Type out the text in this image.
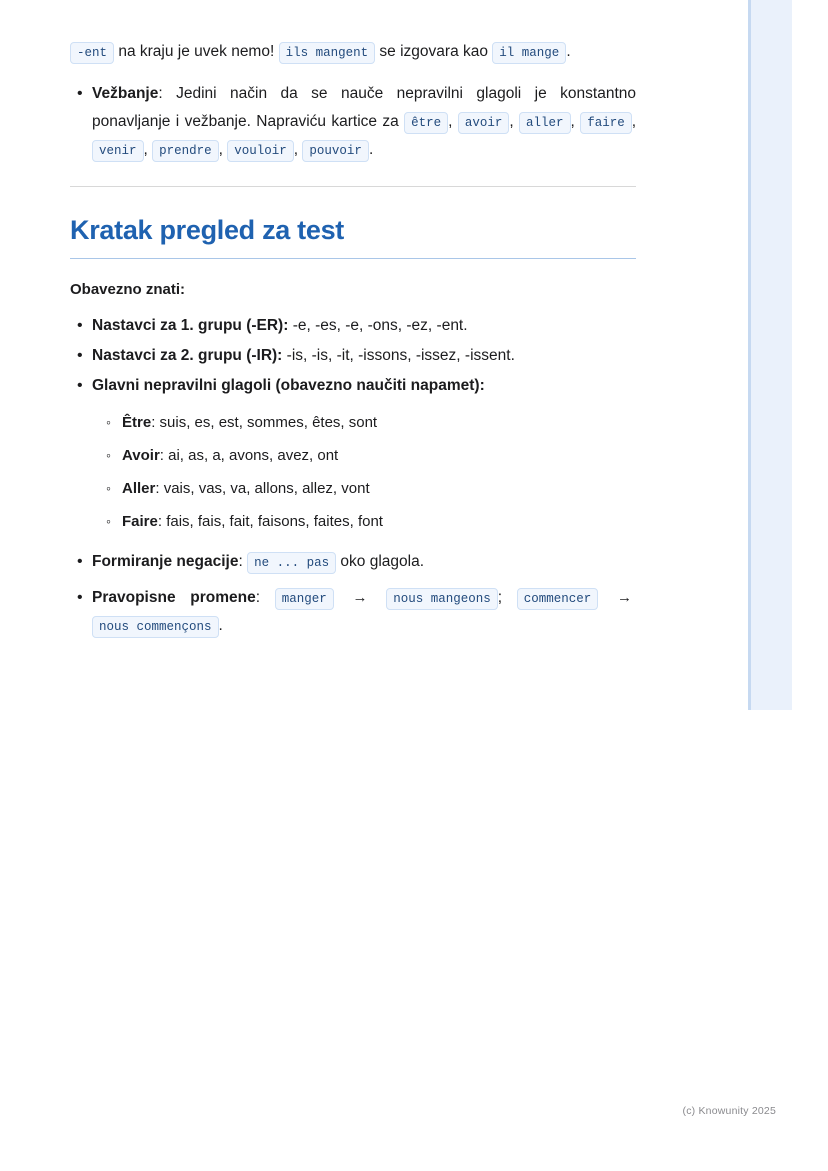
-ent na kraju je uvek nemo! ils mangent se izgovara kao il mange .

• Vežbanje: Jedini način da se nauče nepravilni glagoli je konstantno ponavljanje i vežbanje. Napraviću kartice za être , avoir , aller , faire , venir , prendre , vouloir , pouvoir .
Kratak pregled za test

Obavezno znati:

• Nastavci za 1. grupu (-ER): -e, -es, -e, -ons, -ez, -ent.
• Nastavci za 2. grupu (-IR): -is, -is, -it, -issons, -issez, -issent.
• Glavni nepravilni glagoli (obavezno naučiti napamet):
◦ Être: suis, es, est, sommes, êtes, sont
◦ Avoir: ai, as, a, avons, avez, ont
◦ Aller: vais, vas, va, allons, allez, vont
◦ Faire: fais, fais, fait, faisons, faites, font
• Formiranje negacije: ne ... pas oko glagola.
• Pravopisne promene: manger → nous mangeons ; commencer → nous commençons .
(c) Knowunity 2025
